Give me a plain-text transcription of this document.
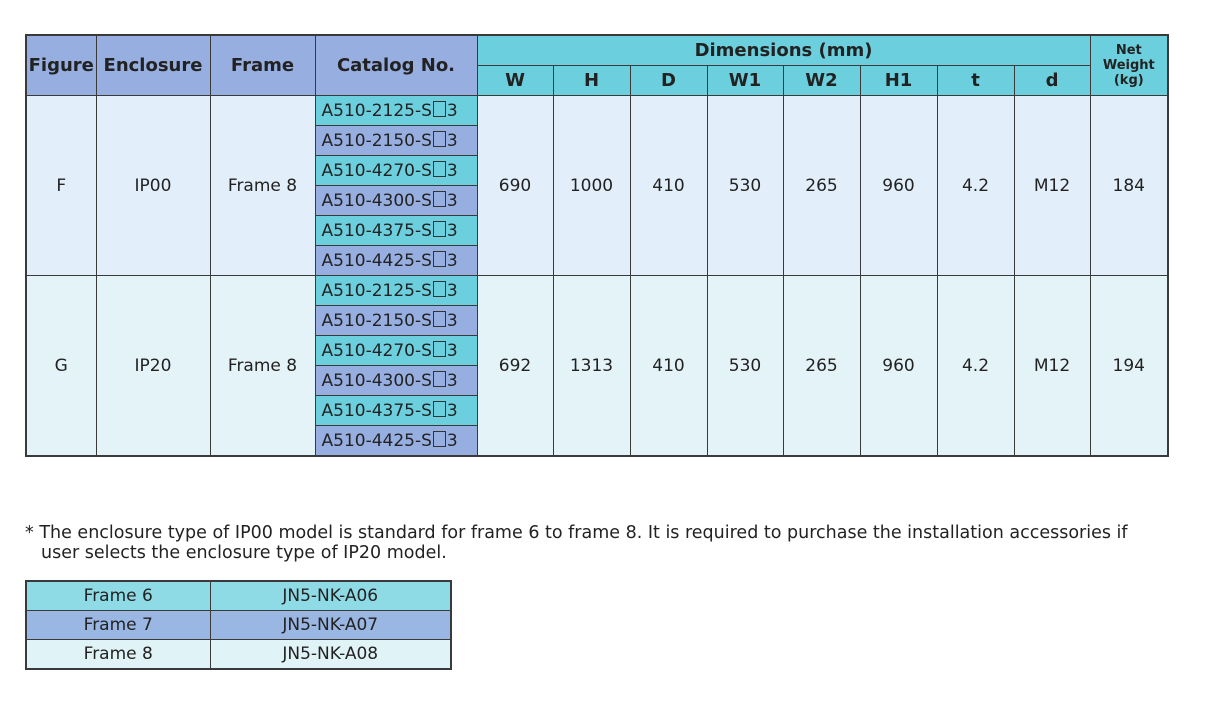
Figure	Enclosure	Frame	Catalog No.	Dimensions (mm)								Net
Weight
(kg)
				W	H	D	W1	W2	H1	t	d	
F	IP00	Frame 8	A510-2125-S 3	690	1000	410	530	265	960	4.2	M12	184
			A510-2150-S 3									
			A510-4270-S 3									
			A510-4300-S 3									
			A510-4375-S 3									
			A510-4425-S 3									
G	IP20	Frame 8	A510-2125-S 3	692	1313	410	530	265	960	4.2	M12	194
			A510-2150-S 3									
			A510-4270-S 3									
			A510-4300-S 3									
			A510-4375-S 3									
			A510-4425-S 3									
* The enclosure type of IP00 model is standard for frame 6 to frame 8. It is required to purchase the installation accessories if
user selects the enclosure type of IP20 model.
Frame 6	JN5-NK-A06
Frame 7	JN5-NK-A07
Frame 8	JN5-NK-A08
